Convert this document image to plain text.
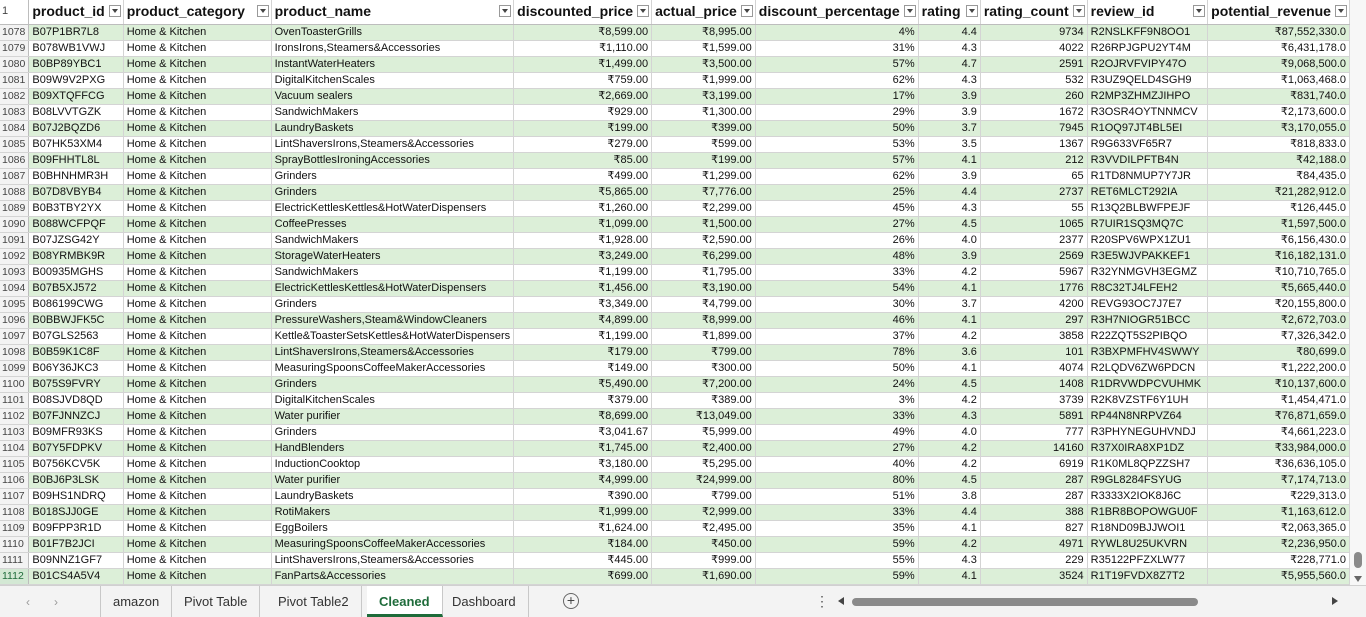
1	product_id	product_category	product_name	discounted_price	actual_price	discount_percentage	rating	rating_count	review_id	potential_revenue

1078	B07P1BR7L8	Home & Kitchen	OvenToasterGrills	₹8,599.00	₹8,995.00	4%	4.4	9734	R2NSLKFF9N8OO1	₹87,552,330.0
1079	B078WB1VWJ	Home & Kitchen	IronsIrons,Steamers&Accessories	₹1,110.00	₹1,599.00	31%	4.3	4022	R26RPJGPU2YT4M	₹6,431,178.0
1080	B0BP89YBC1	Home & Kitchen	InstantWaterHeaters	₹1,499.00	₹3,500.00	57%	4.7	2591	R2OJRVFVIPY47O	₹9,068,500.0
1081	B09W9V2PXG	Home & Kitchen	DigitalKitchenScales	₹759.00	₹1,999.00	62%	4.3	532	R3UZ9QELD4SGH9	₹1,063,468.0
1082	B09XTQFFCG	Home & Kitchen	Vacuum sealers	₹2,669.00	₹3,199.00	17%	3.9	260	R2MP3ZHMZJIHPO	₹831,740.0
1083	B08LVVTGZK	Home & Kitchen	SandwichMakers	₹929.00	₹1,300.00	29%	3.9	1672	R3OSR4OYTNNMCV	₹2,173,600.0
1084	B07J2BQZD6	Home & Kitchen	LaundryBaskets	₹199.00	₹399.00	50%	3.7	7945	R1OQ97JT4BL5EI	₹3,170,055.0
1085	B07HK53XM4	Home & Kitchen	LintShaversIrons,Steamers&Accessories	₹279.00	₹599.00	53%	3.5	1367	R9G633VF65R7	₹818,833.0
1086	B09FHHTL8L	Home & Kitchen	SprayBottlesIroningAccessories	₹85.00	₹199.00	57%	4.1	212	R3VVDILPFTB4N	₹42,188.0
1087	B0BHNHMR3H	Home & Kitchen	Grinders	₹499.00	₹1,299.00	62%	3.9	65	R1TD8NMUP7Y7JR	₹84,435.0
1088	B07D8VBYB4	Home & Kitchen	Grinders	₹5,865.00	₹7,776.00	25%	4.4	2737	RET6MLCT292IA	₹21,282,912.0
1089	B0B3TBY2YX	Home & Kitchen	ElectricKettlesKettles&HotWaterDispensers	₹1,260.00	₹2,299.00	45%	4.3	55	R13Q2BLBWFPEJF	₹126,445.0
1090	B088WCFPQF	Home & Kitchen	CoffeePresses	₹1,099.00	₹1,500.00	27%	4.5	1065	R7UIR1SQ3MQ7C	₹1,597,500.0
1091	B07JZSG42Y	Home & Kitchen	SandwichMakers	₹1,928.00	₹2,590.00	26%	4.0	2377	R20SPV6WPX1ZU1	₹6,156,430.0
1092	B08YRMBK9R	Home & Kitchen	StorageWaterHeaters	₹3,249.00	₹6,299.00	48%	3.9	2569	R3E5WJVPAKKEF1	₹16,182,131.0
1093	B00935MGHS	Home & Kitchen	SandwichMakers	₹1,199.00	₹1,795.00	33%	4.2	5967	R32YNMGVH3EGMZ	₹10,710,765.0
1094	B07B5XJ572	Home & Kitchen	ElectricKettlesKettles&HotWaterDispensers	₹1,456.00	₹3,190.00	54%	4.1	1776	R8C32TJ4LFEH2	₹5,665,440.0
1095	B086199CWG	Home & Kitchen	Grinders	₹3,349.00	₹4,799.00	30%	3.7	4200	REVG93OC7J7E7	₹20,155,800.0
1096	B0BBWJFK5C	Home & Kitchen	PressureWashers,Steam&WindowCleaners	₹4,899.00	₹8,999.00	46%	4.1	297	R3H7NIOGR51BCC	₹2,672,703.0
1097	B07GLS2563	Home & Kitchen	Kettle&ToasterSetsKettles&HotWaterDispensers	₹1,199.00	₹1,899.00	37%	4.2	3858	R22ZQT5S2PIBQO	₹7,326,342.0
1098	B0B59K1C8F	Home & Kitchen	LintShaversIrons,Steamers&Accessories	₹179.00	₹799.00	78%	3.6	101	R3BXPMFHV4SWWY	₹80,699.0
1099	B06Y36JKC3	Home & Kitchen	MeasuringSpoonsCoffeeMakerAccessories	₹149.00	₹300.00	50%	4.1	4074	R2LQDV6ZW6PDCN	₹1,222,200.0
1100	B075S9FVRY	Home & Kitchen	Grinders	₹5,490.00	₹7,200.00	24%	4.5	1408	R1DRVWDPCVUHMK	₹10,137,600.0
1101	B08SJVD8QD	Home & Kitchen	DigitalKitchenScales	₹379.00	₹389.00	3%	4.2	3739	R2K8VZSTF6Y1UH	₹1,454,471.0
1102	B07FJNNZCJ	Home & Kitchen	Water purifier	₹8,699.00	₹13,049.00	33%	4.3	5891	RP44N8NRPVZ64	₹76,871,659.0
1103	B09MFR93KS	Home & Kitchen	Grinders	₹3,041.67	₹5,999.00	49%	4.0	777	R3PHYNEGUHVNDJ	₹4,661,223.0
1104	B07Y5FDPKV	Home & Kitchen	HandBlenders	₹1,745.00	₹2,400.00	27%	4.2	14160	R37X0IRA8XP1DZ	₹33,984,000.0
1105	B0756KCV5K	Home & Kitchen	InductionCooktop	₹3,180.00	₹5,295.00	40%	4.2	6919	R1K0ML8QPZZSH7	₹36,636,105.0
1106	B0BJ6P3LSK	Home & Kitchen	Water purifier	₹4,999.00	₹24,999.00	80%	4.5	287	R9GL8284FSYUG	₹7,174,713.0
1107	B09HS1NDRQ	Home & Kitchen	LaundryBaskets	₹390.00	₹799.00	51%	3.8	287	R3333X2IOK8J6C	₹229,313.0
1108	B018SJJ0GE	Home & Kitchen	RotiMakers	₹1,999.00	₹2,999.00	33%	4.4	388	R1BR8BOPOWGU0F	₹1,163,612.0
1109	B09FPP3R1D	Home & Kitchen	EggBoilers	₹1,624.00	₹2,495.00	35%	4.1	827	R18ND09BJJWOI1	₹2,063,365.0
1110	B01F7B2JCI	Home & Kitchen	MeasuringSpoonsCoffeeMakerAccessories	₹184.00	₹450.00	59%	4.2	4971	RYWL8U25UKVRN	₹2,236,950.0
1111	B09NNZ1GF7	Home & Kitchen	LintShaversIrons,Steamers&Accessories	₹445.00	₹999.00	55%	4.3	229	R35122PFZXLW77	₹228,771.0
1112	B01CS4A5V4	Home & Kitchen	FanParts&Accessories	₹699.00	₹1,690.00	59%	4.1	3524	R1T19FVDX8Z7T2	₹5,955,560.0
‹ ›	amazon	Pivot Table	Pivot Table2	Cleaned	Dashboard	+	⋮
